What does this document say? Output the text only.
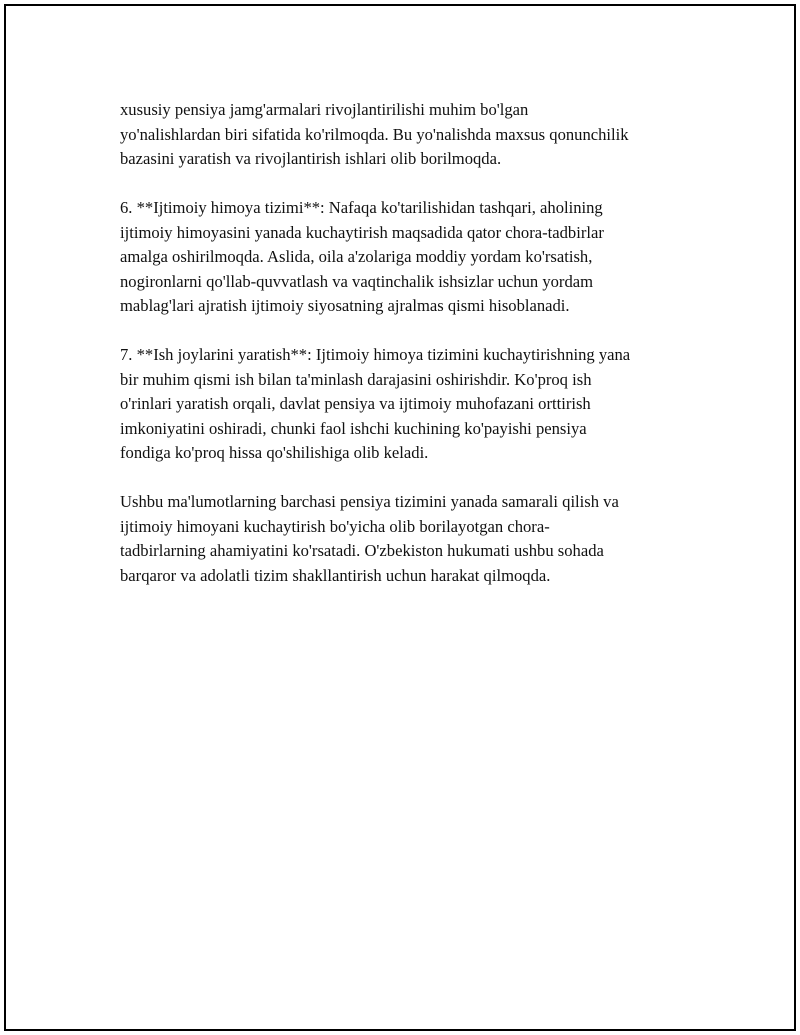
xususiy pensiya jamg'armalari rivojlantirilishi muhim bo'lgan
yo'nalishlardan biri sifatida ko'rilmoqda. Bu yo'nalishda maxsus qonunchilik
bazasini yaratish va rivojlantirish ishlari olib borilmoqda.

6. **Ijtimoiy himoya tizimi**: Nafaqa ko'tarilishidan tashqari, aholining
ijtimoiy himoyasini yanada kuchaytirish maqsadida qator chora-tadbirlar
amalga oshirilmoqda. Aslida, oila a'zolariga moddiy yordam ko'rsatish,
nogironlarni qo'llab-quvvatlash va vaqtinchalik ishsizlar uchun yordam
mablag'lari ajratish ijtimoiy siyosatning ajralmas qismi hisoblanadi.

7. **Ish joylarini yaratish**: Ijtimoiy himoya tizimini kuchaytirishning yana
bir muhim qismi ish bilan ta'minlash darajasini oshirishdir. Ko'proq ish
o'rinlari yaratish orqali, davlat pensiya va ijtimoiy muhofazani orttirish
imkoniyatini oshiradi, chunki faol ishchi kuchining ko'payishi pensiya
fondiga ko'proq hissa qo'shilishiga olib keladi.

Ushbu ma'lumotlarning barchasi pensiya tizimini yanada samarali qilish va
ijtimoiy himoyani kuchaytirish bo'yicha olib borilayotgan chora-
tadbirlarning ahamiyatini ko'rsatadi. O'zbekiston hukumati ushbu sohada
barqaror va adolatli tizim shakllantirish uchun harakat qilmoqda.
